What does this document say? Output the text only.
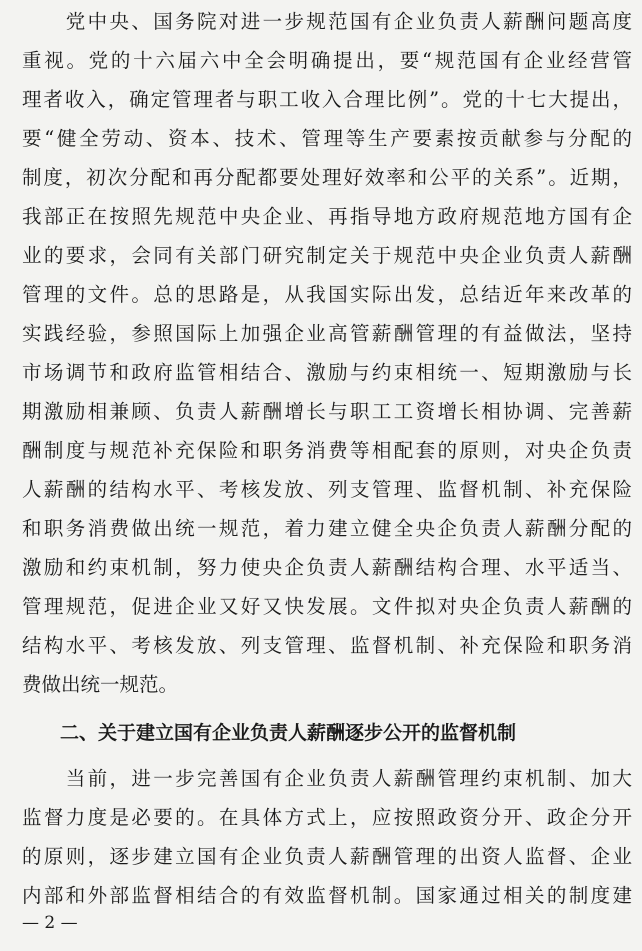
　　党中央、国务院对进一步规范国有企业负责人薪酬问题高度
重视。党的十六届六中全会明确提出，要“规范国有企业经营管
理者收入，确定管理者与职工收入合理比例”。党的十七大提出，
要“健全劳动、资本、技术、管理等生产要素按贡献参与分配的
制度，初次分配和再分配都要处理好效率和公平的关系”。近期，
我部正在按照先规范中央企业、再指导地方政府规范地方国有企
业的要求，会同有关部门研究制定关于规范中央企业负责人薪酬
管理的文件。总的思路是，从我国实际出发，总结近年来改革的
实践经验，参照国际上加强企业高管薪酬管理的有益做法，坚持
市场调节和政府监管相结合、激励与约束相统一、短期激励与长
期激励相兼顾、负责人薪酬增长与职工工资增长相协调、完善薪
酬制度与规范补充保险和职务消费等相配套的原则，对央企负责
人薪酬的结构水平、考核发放、列支管理、监督机制、补充保险
和职务消费做出统一规范，着力建立健全央企负责人薪酬分配的
激励和约束机制，努力使央企负责人薪酬结构合理、水平适当、
管理规范，促进企业又好又快发展。文件拟对央企负责人薪酬的
结构水平、考核发放、列支管理、监督机制、补充保险和职务消
费做出统一规范。
　　二、关于建立国有企业负责人薪酬逐步公开的监督机制
　　当前，进一步完善国有企业负责人薪酬管理约束机制、加大
监督力度是必要的。在具体方式上，应按照政资分开、政企分开
的原则，逐步建立国有企业负责人薪酬管理的出资人监督、企业
内部和外部监督相结合的有效监督机制。国家通过相关的制度建
— 2 —
